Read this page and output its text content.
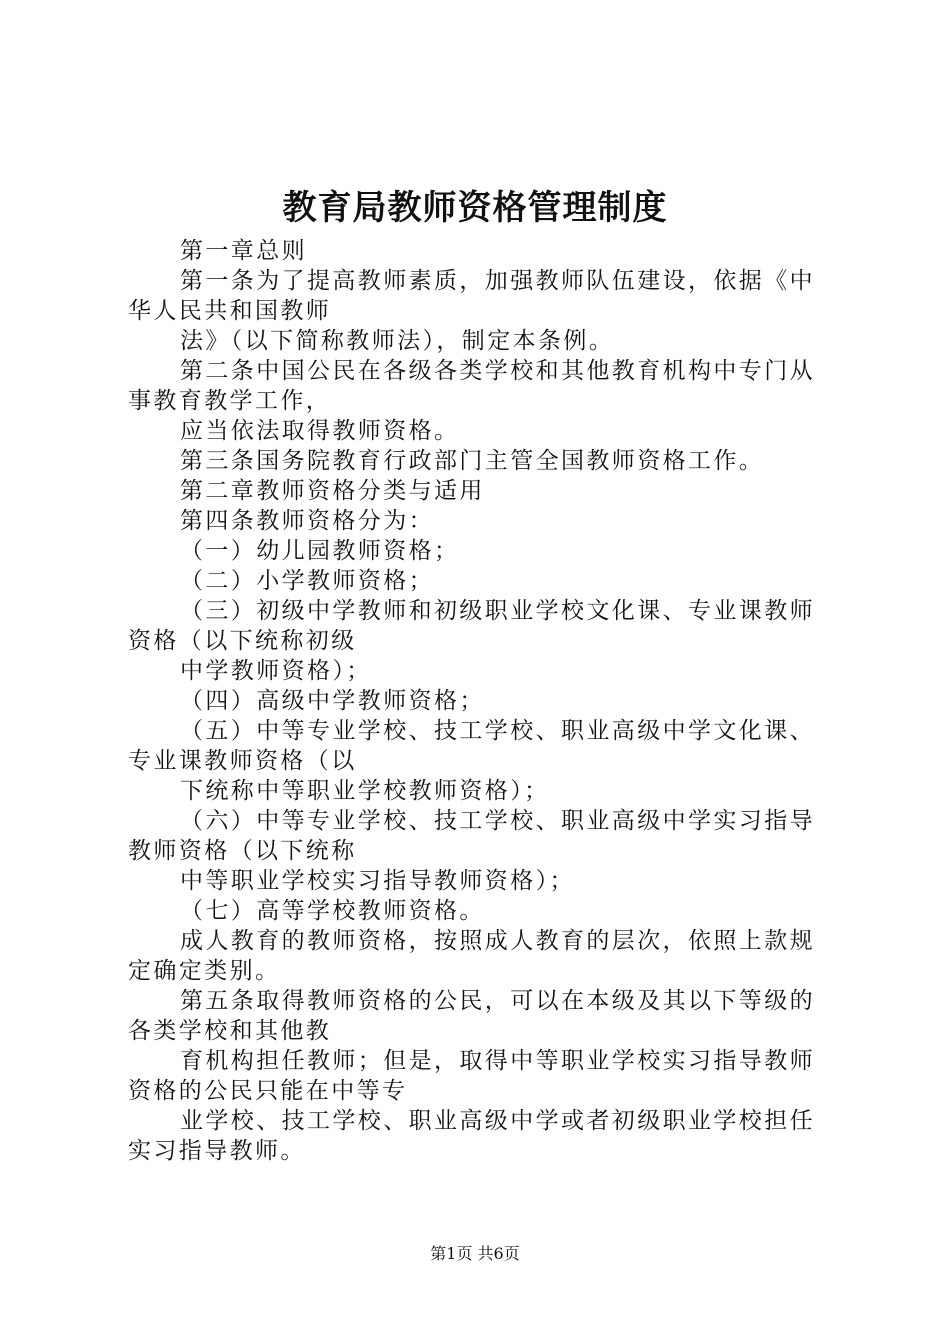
教育局教师资格管理制度

第一章总则

第一条为了提高教师素质，加强教师队伍建设，依据《中华人民共和国教师

法》（以下简称教师法），制定本条例。

第二条中国公民在各级各类学校和其他教育机构中专门从事教育教学工作，

应当依法取得教师资格。

第三条国务院教育行政部门主管全国教师资格工作。

第二章教师资格分类与适用

第四条教师资格分为：

（一）幼儿园教师资格；

（二）小学教师资格；

（三）初级中学教师和初级职业学校文化课、专业课教师资格（以下统称初级

中学教师资格）；

（四）高级中学教师资格；

（五）中等专业学校、技工学校、职业高级中学文化课、专业课教师资格（以

下统称中等职业学校教师资格）；

（六）中等专业学校、技工学校、职业高级中学实习指导教师资格（以下统称

中等职业学校实习指导教师资格）；

（七）高等学校教师资格。

成人教育的教师资格，按照成人教育的层次，依照上款规定确定类别。

第五条取得教师资格的公民，可以在本级及其以下等级的各类学校和其他教

育机构担任教师；但是，取得中等职业学校实习指导教师资格的公民只能在中等专

业学校、技工学校、职业高级中学或者初级职业学校担任实习指导教师。

第1页 共6页
